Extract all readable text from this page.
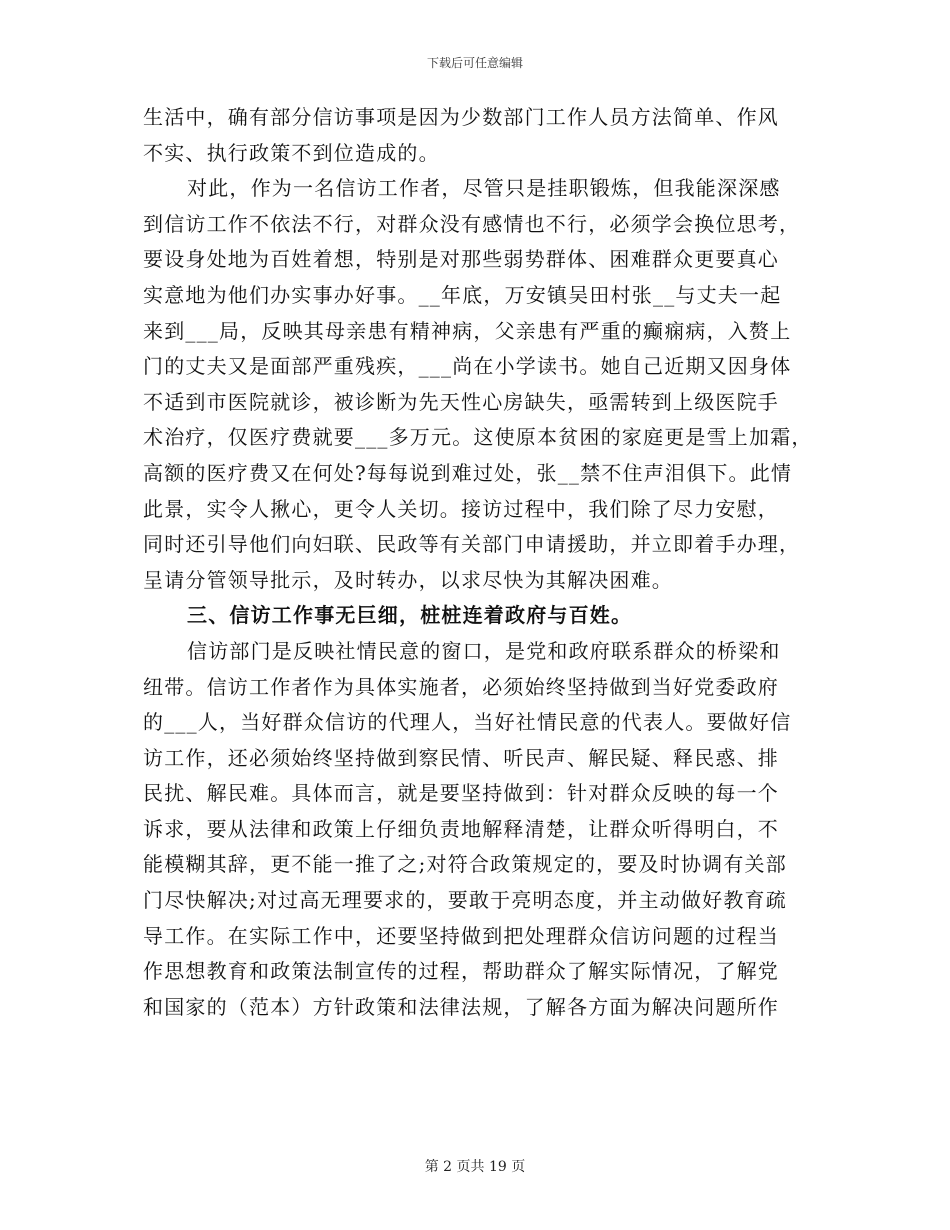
下载后可任意编辑
生活中，确有部分信访事项是因为少数部门工作人员方法简单、作风
不实、执行政策不到位造成的。
对此，作为一名信访工作者，尽管只是挂职锻炼，但我能深深感
到信访工作不依法不行，对群众没有感情也不行，必须学会换位思考，
要设身处地为百姓着想，特别是对那些弱势群体、困难群众更要真心
实意地为他们办实事办好事。__年底，万安镇吴田村张__与丈夫一起
来到___局，反映其母亲患有精神病，父亲患有严重的癫痫病，入赘上
门的丈夫又是面部严重残疾，___尚在小学读书。她自己近期又因身体
不适到市医院就诊，被诊断为先天性心房缺失，亟需转到上级医院手
术治疗，仅医疗费就要___多万元。这使原本贫困的家庭更是雪上加霜，
高额的医疗费又在何处?每每说到难过处，张__禁不住声泪俱下。此情
此景，实令人揪心，更令人关切。接访过程中，我们除了尽力安慰，
同时还引导他们向妇联、民政等有关部门申请援助，并立即着手办理，
呈请分管领导批示，及时转办，以求尽快为其解决困难。
三、信访工作事无巨细，桩桩连着政府与百姓。
信访部门是反映社情民意的窗口，是党和政府联系群众的桥梁和
纽带。信访工作者作为具体实施者，必须始终坚持做到当好党委政府
的___人，当好群众信访的代理人，当好社情民意的代表人。要做好信
访工作，还必须始终坚持做到察民情、听民声、解民疑、释民惑、排
民扰、解民难。具体而言，就是要坚持做到：针对群众反映的每一个
诉求，要从法律和政策上仔细负责地解释清楚，让群众听得明白，不
能模糊其辞，更不能一推了之;对符合政策规定的，要及时协调有关部
门尽快解决;对过高无理要求的，要敢于亮明态度，并主动做好教育疏
导工作。在实际工作中，还要坚持做到把处理群众信访问题的过程当
作思想教育和政策法制宣传的过程，帮助群众了解实际情况，了解党
和国家的（范本）方针政策和法律法规，了解各方面为解决问题所作
第 2 页共 19 页
